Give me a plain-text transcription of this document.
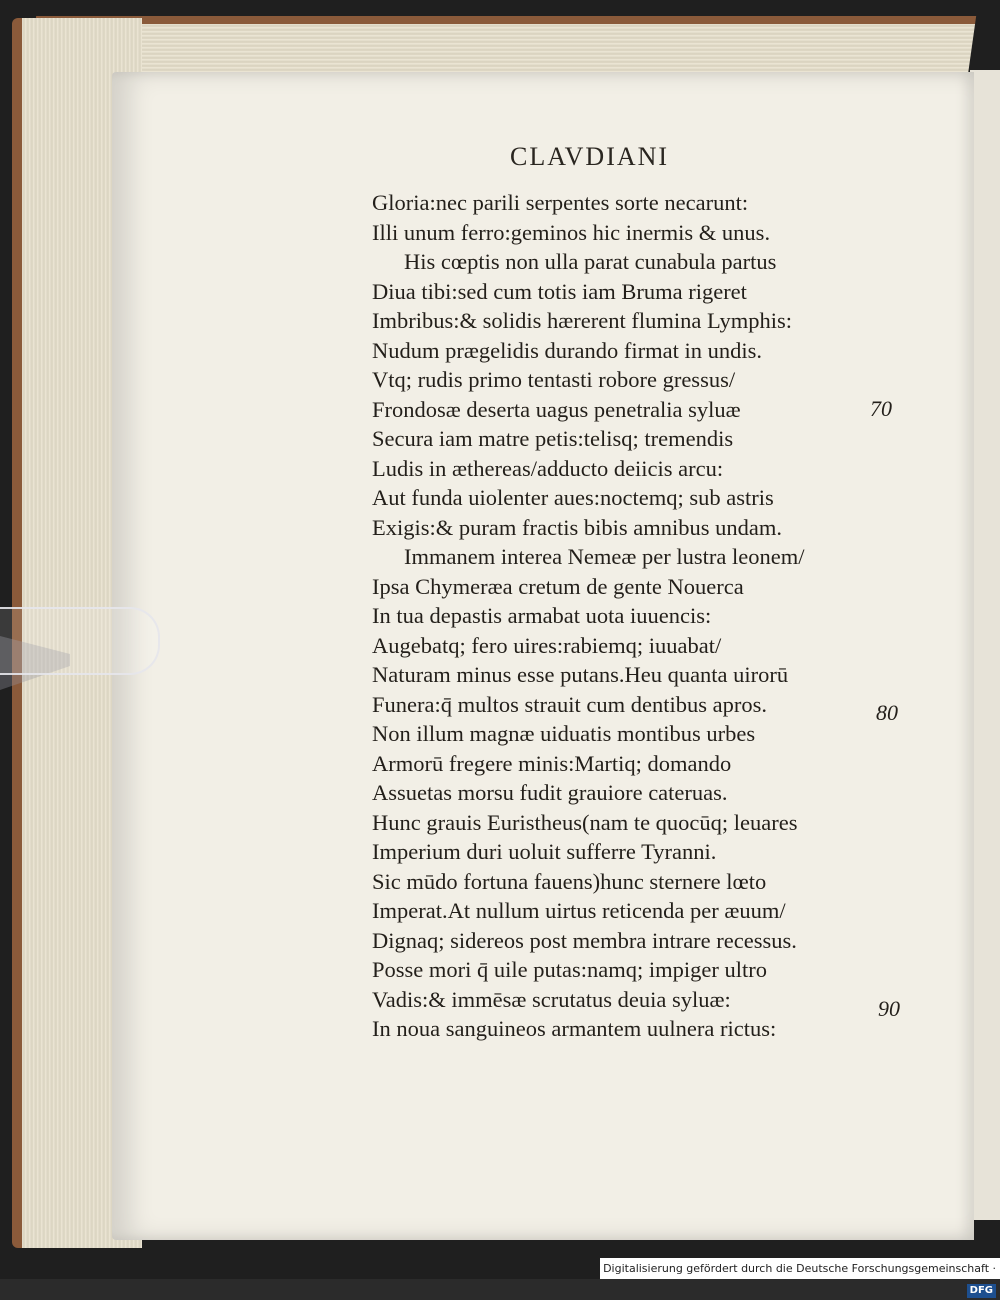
CLAVDIANI
Gloria:nec parili serpentes sorte necarunt:
Illi unum ferro:geminos hic inermis & unus.
His cœptis non ulla parat cunabula partus
Diua tibi:sed cum totis iam Bruma rigeret
Imbribus:& solidis hærerent flumina Lymphis:
Nudum prægelidis durando firmat in undis.
Vtq; rudis primo tentasti robore gressus/
Frondosæ deserta uagus penetralia syluæ
Secura iam matre petis:telisq; tremendis
Ludis in æthereas/adducto deiicis arcu:
Aut funda uiolenter aues:noctemq; sub astris
Exigis:& puram fractis bibis amnibus undam.
Immanem interea Nemeæ per lustra leonem/
Ipsa Chymeræa cretum de gente Nouerca
In tua depastis armabat uota iuuencis:
Augebatq; fero uires:rabiemq; iuuabat/
Naturam minus esse putans.Heu quanta uirorū
Funera:q̄ multos strauit cum dentibus apros.
Non illum magnæ uiduatis montibus urbes
Armorū fregere minis:Martiq; domando
Assuetas morsu fudit grauiore cateruas.
Hunc grauis Euristheus(nam te quocūq; leuares
Imperium duri uoluit sufferre Tyranni.
Sic mūdo fortuna fauens)hunc sternere lœto
Imperat.At nullum uirtus reticenda per æuum/
Dignaq; sidereos post membra intrare recessus.
Posse mori q̄ uile putas:namq; impiger ultro
Vadis:& immēsæ scrutatus deuia syluæ:
In noua sanguineos armantem uulnera rictus:
70
80
90
Digitalisierung gefördert durch die Deutsche Forschungsgemeinschaft ·DFG
